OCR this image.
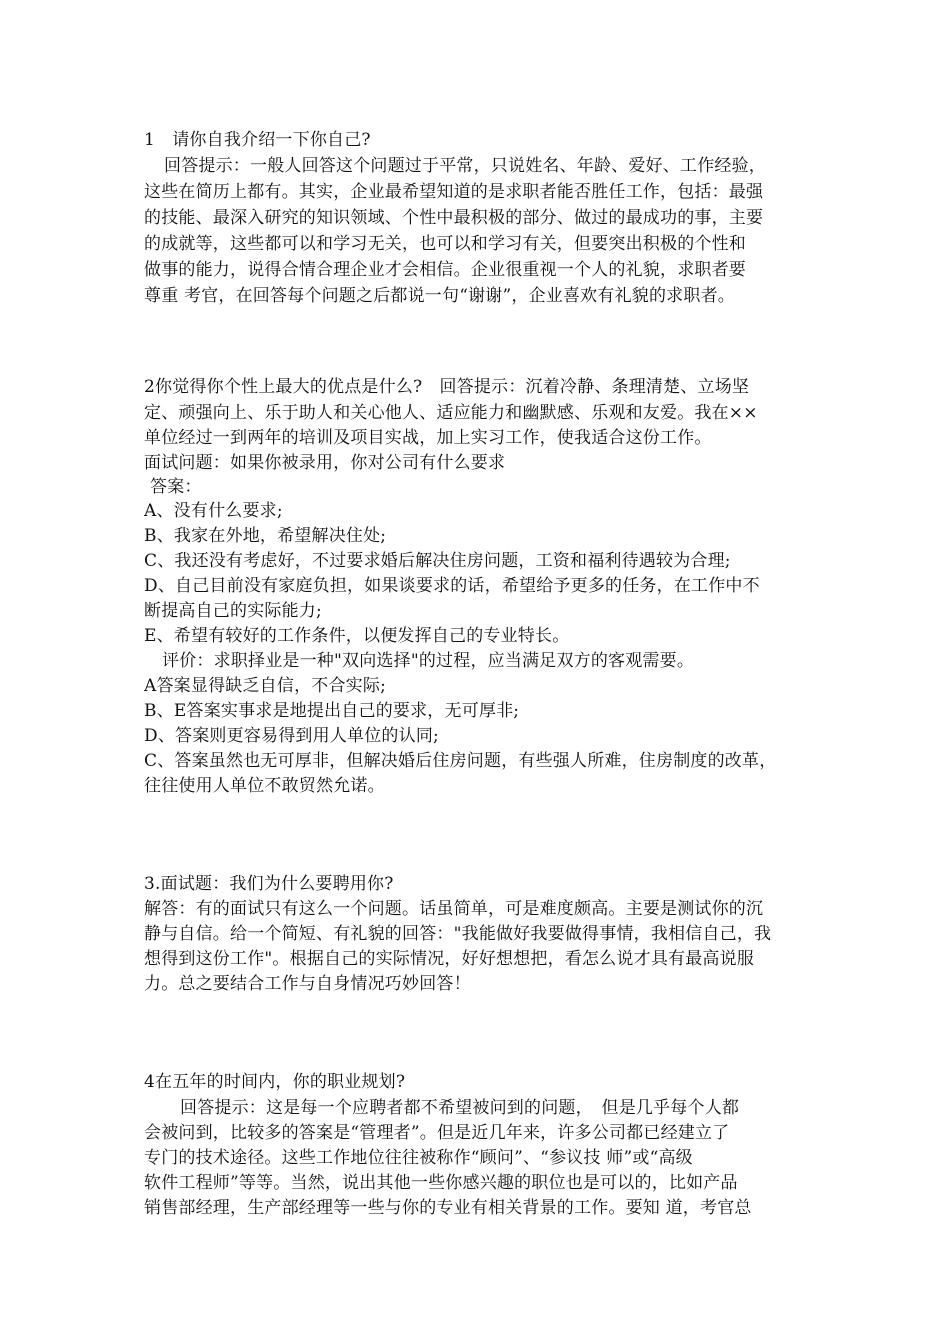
1　请你自我介绍一下你自己?
回答提示：一般人回答这个问题过于平常，只说姓名、年龄、爱好、工作经验，
这些在简历上都有。其实，企业最希望知道的是求职者能否胜任工作，包括：最强
的技能、最深入研究的知识领域、个性中最积极的部分、做过的最成功的事，主要
的成就等，这些都可以和学习无关，也可以和学习有关，但要突出积极的个性和
做事的能力，说得合情合理企业才会相信。企业很重视一个人的礼貌，求职者要
尊重 考官，在回答每个问题之后都说一句“谢谢”，企业喜欢有礼貌的求职者。
2你觉得你个性上最大的优点是什么?　回答提示：沉着冷静、条理清楚、立场坚
定、顽强向上、乐于助人和关心他人、适应能力和幽默感、乐观和友爱。我在××
单位经过一到两年的培训及项目实战，加上实习工作，使我适合这份工作。
面试问题：如果你被录用，你对公司有什么要求
答案：
A、没有什么要求;
B、我家在外地，希望解决住处;
C、我还没有考虑好，不过要求婚后解决住房问题，工资和福利待遇较为合理;
D、自己目前没有家庭负担，如果谈要求的话，希望给予更多的任务，在工作中不
断提高自己的实际能力;
E、希望有较好的工作条件，以便发挥自己的专业特长。
评价：求职择业是一种"双向选择"的过程，应当满足双方的客观需要。
A答案显得缺乏自信，不合实际;
B、E答案实事求是地提出自己的要求，无可厚非;
D、答案则更容易得到用人单位的认同;
C、答案虽然也无可厚非，但解决婚后住房问题，有些强人所难，住房制度的改革，
往往使用人单位不敢贸然允诺。
3.面试题：我们为什么要聘用你?
解答：有的面试只有这么一个问题。话虽简单，可是难度颇高。主要是测试你的沉
静与自信。给一个简短、有礼貌的回答："我能做好我要做得事情，我相信自己，我
想得到这份工作"。根据自己的实际情况，好好想想把，看怎么说才具有最高说服
力。总之要结合工作与自身情况巧妙回答！
4在五年的时间内，你的职业规划?
回答提示：这是每一个应聘者都不希望被问到的问题，　但是几乎每个人都
会被问到，比较多的答案是“管理者”。但是近几年来，许多公司都已经建立了
专门的技术途径。这些工作地位往往被称作“顾问”、“参议技 师”或“高级
软件工程师”等等。当然，说出其他一些你感兴趣的职位也是可以的，比如产品
销售部经理，生产部经理等一些与你的专业有相关背景的工作。要知 道，考官总
